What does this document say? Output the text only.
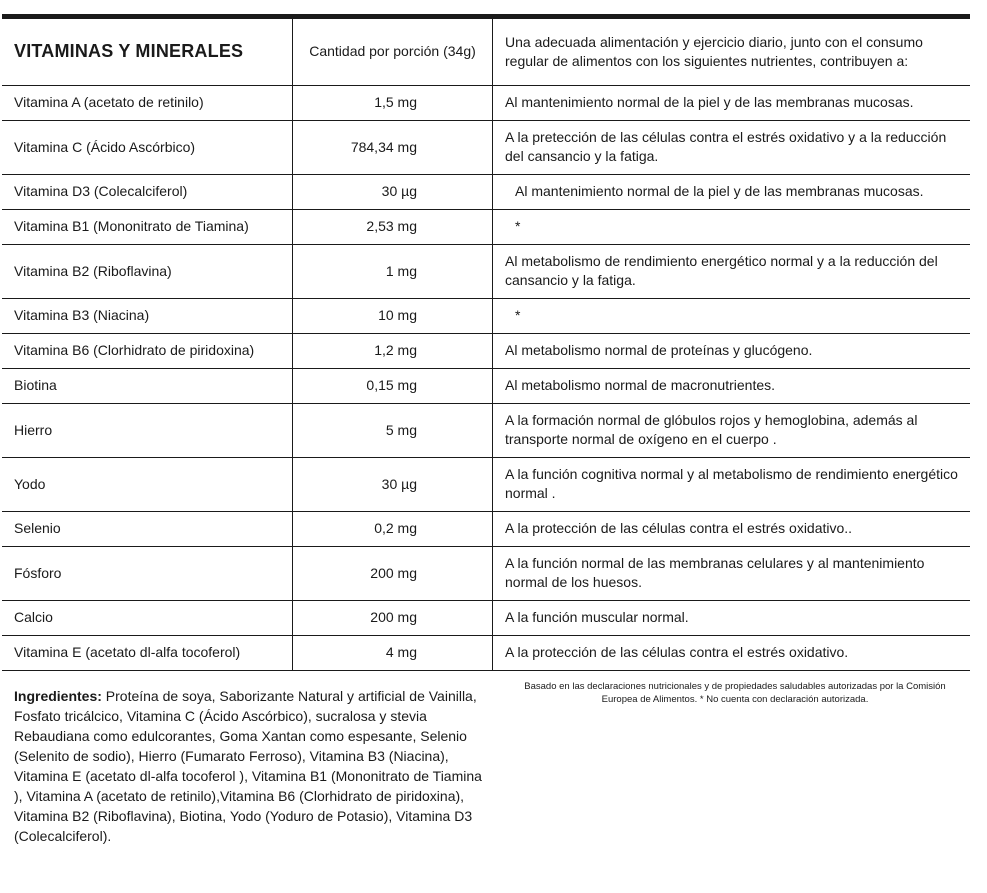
VITAMINAS Y MINERALES	Cantidad por porción (34g)	Una adecuada alimentación y ejercicio diario, junto con el consumo regular de alimentos con los siguientes nutrientes, contribuyen a:
Vitamina A (acetato de retinilo)	1,5 mg	Al mantenimiento normal de la piel y de las membranas mucosas.
Vitamina C (Ácido Ascórbico)	784,34 mg	A la pretección de las células contra el estrés oxidativo y a la reducción del cansancio y la fatiga.
Vitamina D3 (Colecalciferol)	30 µg	Al mantenimiento normal de la piel y de las membranas mucosas.
Vitamina B1 (Mononitrato de Tiamina)	2,53 mg	*
Vitamina B2 (Riboflavina)	1 mg	Al metabolismo de rendimiento energético normal y a la reducción del cansancio y la fatiga.
Vitamina B3 (Niacina)	10 mg	*
Vitamina B6 (Clorhidrato de piridoxina)	1,2 mg	Al metabolismo normal de proteínas y glucógeno.
Biotina	0,15 mg	Al metabolismo normal de macronutrientes.
Hierro	5 mg	A la formación normal de glóbulos rojos y hemoglobina, además al transporte normal de oxígeno en el cuerpo .
Yodo	30 µg	A la función cognitiva normal y al metabolismo de rendimiento energético normal .
Selenio	0,2 mg	A la protección de las células contra el estrés oxidativo..
Fósforo	200 mg	A la función normal de las membranas celulares y al mantenimiento normal de los huesos.
Calcio	200 mg	A la función muscular normal.
Vitamina E (acetato dl-alfa tocoferol)	4 mg	A la protección de las células contra el estrés oxidativo.
Ingredientes: Proteína de soya, Saborizante Natural y artificial de Vainilla, Fosfato tricálcico, Vitamina C (Ácido Ascórbico), sucralosa y stevia Rebaudiana como edulcorantes, Goma Xantan como espesante, Selenio (Selenito de sodio), Hierro (Fumarato Ferroso), Vitamina B3 (Niacina), Vitamina E (acetato dl-alfa tocoferol ), Vitamina B1 (Mononitrato de Tiamina ), Vitamina A (acetato de retinilo),Vitamina B6 (Clorhidrato de piridoxina), Vitamina B2 (Riboflavina), Biotina, Yodo (Yoduro de Potasio), Vitamina D3 (Colecalciferol).
Basado en las declaraciones nutricionales y de propiedades saludables autorizadas por la Comisión Europea de Alimentos. * No cuenta con declaración autorizada.
